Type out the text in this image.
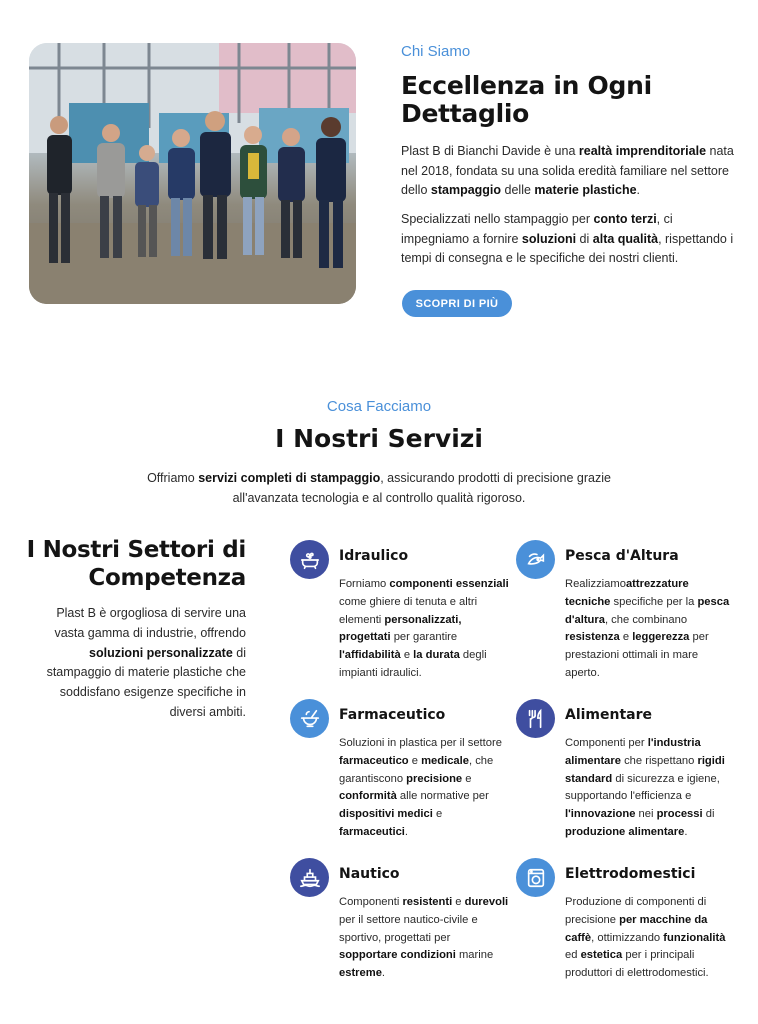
Chi Siamo
Eccellenza in Ogni Dettaglio

Plast B di Bianchi Davide è una realtà imprenditoriale nata nel 2018, fondata su una solida eredità familiare nel settore dello stampaggio delle materie plastiche.

Specializzati nello stampaggio per conto terzi, ci impegniamo a fornire soluzioni di alta qualità, rispettando i tempi di consegna e le specifiche dei nostri clienti.

SCOPRI DI PIÙ
Cosa Facciamo
I Nostri Servizi

Offriamo servizi completi di stampaggio, assicurando prodotti di precisione grazie all'avanzata tecnologia e al controllo qualità rigoroso.

I Nostri Settori di Competenza

Plast B è orgogliosa di servire una vasta gamma di industrie, offrendo soluzioni personalizzate di stampaggio di materie plastiche che soddisfano esigenze specifiche in diversi ambiti.

Idraulico

Forniamo componenti essenziali come ghiere di tenuta e altri elementi personalizzati, progettati per garantire l'affidabilità e la durata degli impianti idraulici.

Pesca d'Altura

Realizziamoattrezzature tecniche specifiche per la pesca d'altura, che combinano resistenza e leggerezza per prestazioni ottimali in mare aperto.

Farmaceutico

Soluzioni in plastica per il settore farmaceutico e medicale, che garantiscono precisione e conformità alle normative per dispositivi medici e farmaceutici.

Alimentare

Componenti per l'industria alimentare che rispettano rigidi standard di sicurezza e igiene, supportando l'efficienza e l'innovazione nei processi di produzione alimentare.

Nautico

Componenti resistenti e durevoli per il settore nautico-civile e sportivo, progettati per sopportare condizioni marine estreme.

Elettrodomestici

Produzione di componenti di precisione per macchine da caffè, ottimizzando funzionalità ed estetica per i principali produttori di elettrodomestici.
